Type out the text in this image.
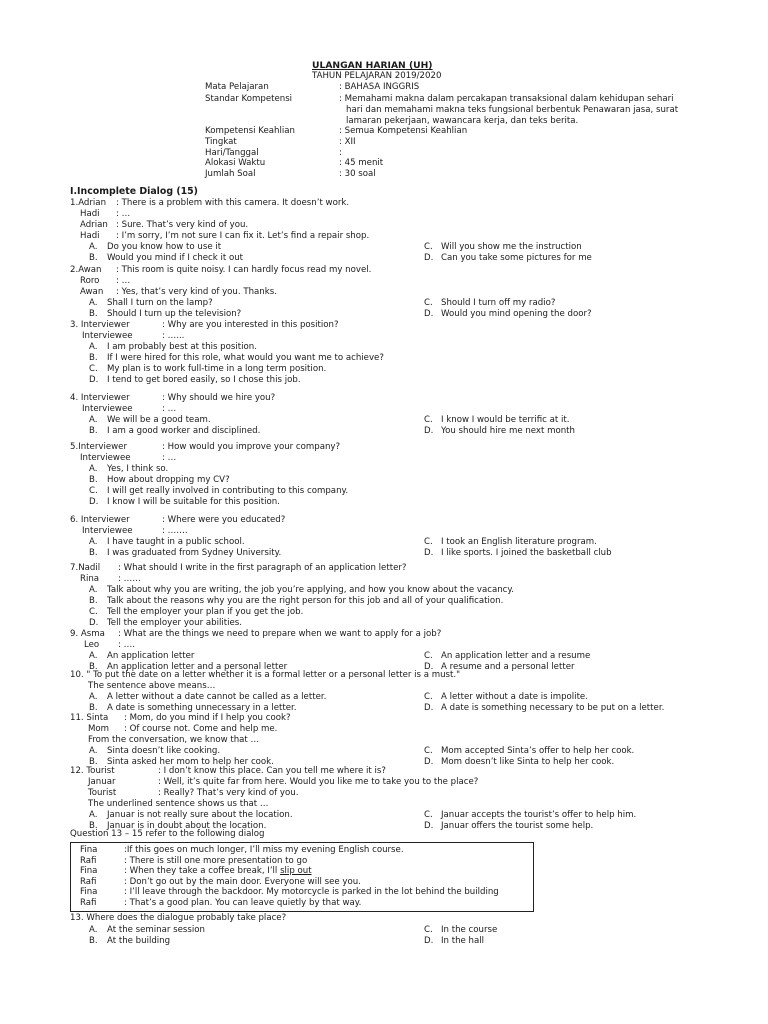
ULANGAN HARIAN (UH)
TAHUN PELAJARAN 2019/2020
Mata Pelajaran	: BAHASA INGGRIS
Standar Kompetensi	: Memahami makna dalam percakapan transaksional dalam kehidupan sehari
hari dan memahami makna teks fungsional berbentuk Penawaran jasa, surat
lamaran pekerjaan, wawancara kerja, dan teks berita.
Kompetensi Keahlian	: Semua Kompetensi Keahlian
Tingkat	: XII
Hari/Tanggal	:
Alokasi Waktu	: 45 menit
Jumlah Soal	: 30 soal
I.Incomplete Dialog (15)
1.Adrian : There is a problem with this camera. It doesn’t work.
Hadi : …
Adrian : Sure. That’s very kind of you.
Hadi : I’m sorry, I’m not sure I can fix it. Let’s find a repair shop.
A. Do you know how to use it	C. Will you show me the instruction
B. Would you mind if I check it out	D. Can you take some pictures for me
2.Awan : This room is quite noisy. I can hardly focus read my novel.
Roro : …
Awan : Yes, that’s very kind of you. Thanks.
A. Shall I turn on the lamp?	C. Should I turn off my radio?
B. Should I turn up the television?	D. Would you mind opening the door?
3. Interviewer	: Why are you interested in this position?
Interviewee	: …...
A. I am probably best at this position.
B. If I were hired for this role, what would you want me to achieve?
C. My plan is to work full-time in a long term position.
D. I tend to get bored easily, so I chose this job.
4. Interviewer	: Why should we hire you?
Interviewee	: …
A. We will be a good team.	C. I know I would be terrific at it.
B. I am a good worker and disciplined.	D. You should hire me next month
5.Interviewer	: How would you improve your company?
Interviewee	: …
A. Yes, I think so.
B. How about dropping my CV?
C. I will get really involved in contributing to this company.
D. I know I will be suitable for this position.
6. Interviewer	: Where were you educated?
Interviewee	: …….
A. I have taught in a public school.	C. I took an English literature program.
B. I was graduated from Sydney University.	D. I like sports. I joined the basketball club
7.Nadil : What should I write in the first paragraph of an application letter?
Rina : ……
A. Talk about why you are writing, the job you’re applying, and how you know about the vacancy.
B. Talk about the reasons why you are the right person for this job and all of your qualification.
C. Tell the employer your plan if you get the job.
D. Tell the employer your abilities.
9. Asma : What are the things we need to prepare when we want to apply for a job?
Leo : ….
A. An application letter	C. An application letter and a resume
B. An application letter and a personal letter	D. A resume and a personal letter
10. " To put the date on a letter whether it is a formal letter or a personal letter is a must."
The sentence above means…
A. A letter without a date cannot be called as a letter.	C. A letter without a date is impolite.
B. A date is something unnecessary in a letter.	D. A date is something necessary to be put on a letter.
11. Sinta : Mom, do you mind if I help you cook?
Mom : Of course not. Come and help me.
From the conversation, we know that …
A. Sinta doesn’t like cooking.	C. Mom accepted Sinta’s offer to help her cook.
B. Sinta asked her mom to help her cook.	D. Mom doesn’t like Sinta to help her cook.
12. Tourist	: I don’t know this place. Can you tell me where it is?
Januar	: Well, it’s quite far from here. Would you like me to take you to the place?
Tourist	: Really? That’s very kind of you.
The underlined sentence shows us that …
A. Januar is not really sure about the location.	C. Januar accepts the tourist’s offer to help him.
B. Januar is in doubt about the location.	D. Januar offers the tourist some help.
Question 13 – 15 refer to the following dialog
Fina	:If this goes on much longer, I’ll miss my evening English course.
Rafi	: There is still one more presentation to go
Fina	: When they take a coffee break, I’ll slip out
Rafi	: Don’t go out by the main door. Everyone will see you.
Fina	: I’ll leave through the backdoor. My motorcycle is parked in the lot behind the building
Rafi	: That’s a good plan. You can leave quietly by that way.
13. Where does the dialogue probably take place?
A. At the seminar session	C. In the course
B. At the building	D. In the hall
